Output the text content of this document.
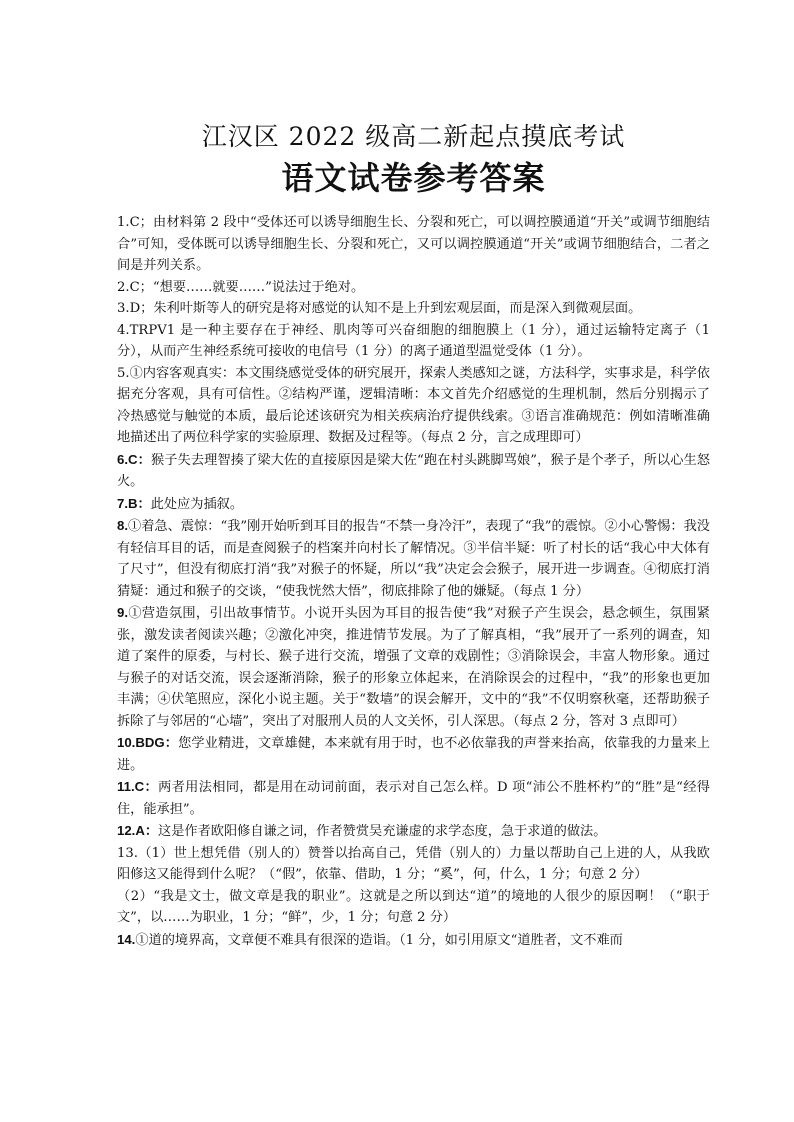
江汉区 2022 级高二新起点摸底考试
语文试卷参考答案

1.C；由材料第 2 段中“受体还可以诱导细胞生长、分裂和死亡，可以调控膜通道“开关”或调节细胞结合”可知，受体既可以诱导细胞生长、分裂和死亡，又可以调控膜通道“开关”或调节细胞结合，二者之间是并列关系。

2.C；“想要……就要……”说法过于绝对。

3.D；朱利叶斯等人的研究是将对感觉的认知不是上升到宏观层面，而是深入到微观层面。

4.TRPV1 是一种主要存在于神经、肌肉等可兴奋细胞的细胞膜上（1 分），通过运输特定离子（1 分），从而产生神经系统可接收的电信号（1 分）的离子通道型温觉受体（1 分）。

5.①内容客观真实：本文围绕感觉受体的研究展开，探索人类感知之谜，方法科学，实事求是，科学依据充分客观，具有可信性。②结构严谨，逻辑清晰：本文首先介绍感觉的生理机制，然后分别揭示了冷热感觉与触觉的本质，最后论述该研究为相关疾病治疗提供线索。③语言准确规范：例如清晰准确地描述出了两位科学家的实验原理、数据及过程等。（每点 2 分，言之成理即可）

6.C：猴子失去理智揍了梁大佐的直接原因是梁大佐“跑在村头跳脚骂娘”，猴子是个孝子，所以心生怒火。

7.B：此处应为插叙。

8.①着急、震惊：“我”刚开始听到耳目的报告“不禁一身冷汗”，表现了“我”的震惊。②小心警惕：我没有轻信耳目的话，而是查阅猴子的档案并向村长了解情况。③半信半疑：听了村长的话“我心中大体有了尺寸”，但没有彻底打消“我”对猴子的怀疑，所以“我”决定会会猴子，展开进一步调查。④彻底打消猜疑：通过和猴子的交谈，“使我恍然大悟”，彻底排除了他的嫌疑。（每点 1 分）

9.①营造氛围，引出故事情节。小说开头因为耳目的报告使“我”对猴子产生误会，悬念顿生，氛围紧张，激发读者阅读兴趣；②激化冲突，推进情节发展。为了了解真相，“我”展开了一系列的调查，知道了案件的原委，与村长、猴子进行交流，增强了文章的戏剧性；③消除误会，丰富人物形象。通过与猴子的对话交流，误会逐渐消除，猴子的形象立体起来，在消除误会的过程中，“我”的形象也更加丰满；④伏笔照应，深化小说主题。关于“数墙”的误会解开，文中的“我”不仅明察秋毫，还帮助猴子拆除了与邻居的“心墙”，突出了对服刑人员的人文关怀，引人深思。（每点 2 分，答对 3 点即可）

10.BDG：您学业精进，文章雄健，本来就有用于时，也不必依靠我的声誉来抬高，依靠我的力量来上进。

11.C：两者用法相同，都是用在动词前面，表示对自己怎么样。D 项“沛公不胜杯杓”的“胜”是“经得住，能承担”。

12.A：这是作者欧阳修自谦之词，作者赞赏吴充谦虚的求学态度，急于求道的做法。

13.（1）世上想凭借（别人的）赞誉以抬高自己，凭借（别人的）力量以帮助自己上进的人，从我欧阳修这又能得到什么呢？（“假”，依靠、借助，1 分；“奚”，何，什么，1 分；句意 2 分）

（2）“我是文士，做文章是我的职业”。这就是之所以到达“道”的境地的人很少的原因啊！（“职于文”，以……为职业，1 分；“鲜”，少，1 分；句意 2 分）

14.①道的境界高，文章便不难具有很深的造诣。（1 分，如引用原文“道胜者，文不难而
